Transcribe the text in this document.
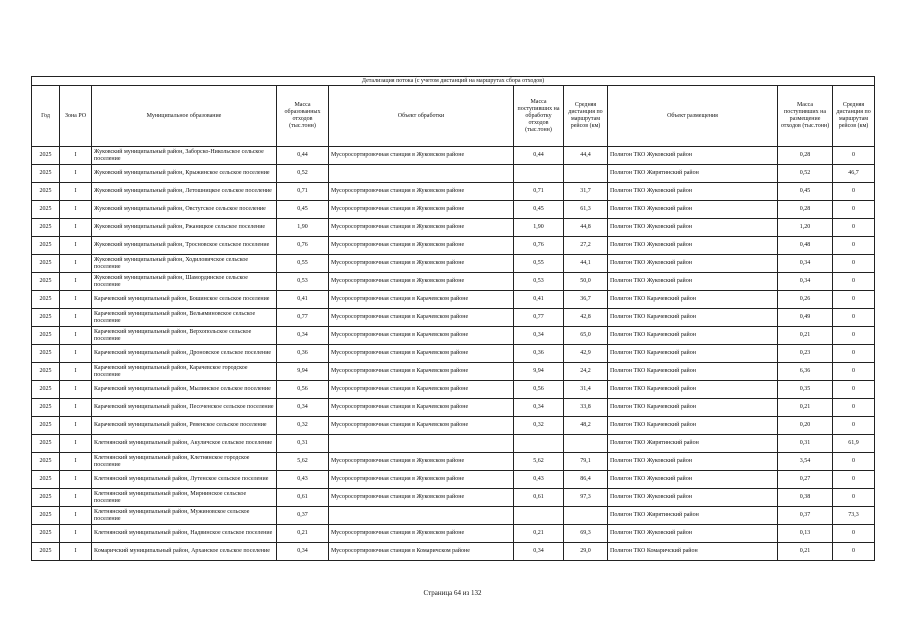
Детализация потока (с учетом дистанций на маршрутах сбора отходов)									
Год	Зона РО	Муниципальное образование	Масса образованных отходов (тыс.тонн)	Объект обработки	Масса поступивших на обработку отходов (тыс.тонн)	Средняя дистанция по маршрутам рейсов (км)	Объект размещения	Масса поступивших на размещение отходов (тыс.тонн)	Средняя дистанция по маршрутам рейсов (км)
2025	I	Жуковский муниципальный район, Заборско-Никольское сельское поселение	0,44	Мусоросортировочная станция в Жуковском районе	0,44	44,4	Полигон ТКО Жуковский район	0,28	0
2025	I	Жуковский муниципальный район, Крыжинское сельское поселение	0,52				Полигон ТКО Жирятинский район	0,52	46,7
2025	I	Жуковский муниципальный район, Летошницкое сельское поселение	0,71	Мусоросортировочная станция в Жуковском районе	0,71	31,7	Полигон ТКО Жуковский район	0,45	0
2025	I	Жуковский муниципальный район, Овстугское сельское поселение	0,45	Мусоросортировочная станция в Жуковском районе	0,45	61,3	Полигон ТКО Жуковский район	0,28	0
2025	I	Жуковский муниципальный район, Ржаницкое сельское поселение	1,90	Мусоросортировочная станция в Жуковском районе	1,90	44,8	Полигон ТКО Жуковский район	1,20	0
2025	I	Жуковский муниципальный район, Тросновское сельское поселение	0,76	Мусоросортировочная станция в Жуковском районе	0,76	27,2	Полигон ТКО Жуковский район	0,48	0
2025	I	Жуковский муниципальный район, Ходиловичское сельское поселение	0,55	Мусоросортировочная станция в Жуковском районе	0,55	44,1	Полигон ТКО Жуковский район	0,34	0
2025	I	Жуковский муниципальный район, Шамординское сельское поселение	0,53	Мусоросортировочная станция в Жуковском районе	0,53	50,0	Полигон ТКО Жуковский район	0,34	0
2025	I	Карачевский муниципальный район, Бошинское сельское поселение	0,41	Мусоросортировочная станция в Карачевском районе	0,41	36,7	Полигон ТКО Карачевский район	0,26	0
2025	I	Карачевский муниципальный район, Вельяминовское сельское поселение	0,77	Мусоросортировочная станция в Карачевском районе	0,77	42,8	Полигон ТКО Карачевский район	0,49	0
2025	I	Карачевский муниципальный район, Верхопольское сельское поселение	0,34	Мусоросортировочная станция в Карачевском районе	0,34	65,0	Полигон ТКО Карачевский район	0,21	0
2025	I	Карачевский муниципальный район, Дроновское сельское поселение	0,36	Мусоросортировочная станция в Карачевском районе	0,36	42,9	Полигон ТКО Карачевский район	0,23	0
2025	I	Карачевский муниципальный район, Карачевское городское поселение	9,94	Мусоросортировочная станция в Карачевском районе	9,94	24,2	Полигон ТКО Карачевский район	6,36	0
2025	I	Карачевский муниципальный район, Мылинское сельское поселение	0,56	Мусоросортировочная станция в Карачевском районе	0,56	31,4	Полигон ТКО Карачевский район	0,35	0
2025	I	Карачевский муниципальный район, Песоченское сельское поселение	0,34	Мусоросортировочная станция в Карачевском районе	0,34	33,8	Полигон ТКО Карачевский район	0,21	0
2025	I	Карачевский муниципальный район, Ревенское сельское поселение	0,32	Мусоросортировочная станция в Карачевском районе	0,32	48,2	Полигон ТКО Карачевский район	0,20	0
2025	I	Клетнянский муниципальный район, Акуличское сельское поселение	0,31				Полигон ТКО Жирятинский район	0,31	61,9
2025	I	Клетнянский муниципальный район, Клетнянское городское поселение	5,62	Мусоросортировочная станция в Жуковском районе	5,62	79,1	Полигон ТКО Жуковский район	3,54	0
2025	I	Клетнянский муниципальный район, Лутенское сельское поселение	0,43	Мусоросортировочная станция в Жуковском районе	0,43	86,4	Полигон ТКО Жуковский район	0,27	0
2025	I	Клетнянский муниципальный район, Мирнинское сельское поселение	0,61	Мусоросортировочная станция в Жуковском районе	0,61	97,3	Полигон ТКО Жуковский район	0,38	0
2025	I	Клетнянский муниципальный район, Мужиновское сельское поселение	0,37				Полигон ТКО Жирятинский район	0,37	73,3
2025	I	Клетнянский муниципальный район, Надвинское сельское поселение	0,21	Мусоросортировочная станция в Жуковском районе	0,21	69,3	Полигон ТКО Жуковский район	0,13	0
2025	I	Комаричский муниципальный район, Арханское сельское поселение	0,34	Мусоросортировочная станция в Комаричском районе	0,34	29,0	Полигон ТКО Комаричский район	0,21	0
Страница 64 из 132
